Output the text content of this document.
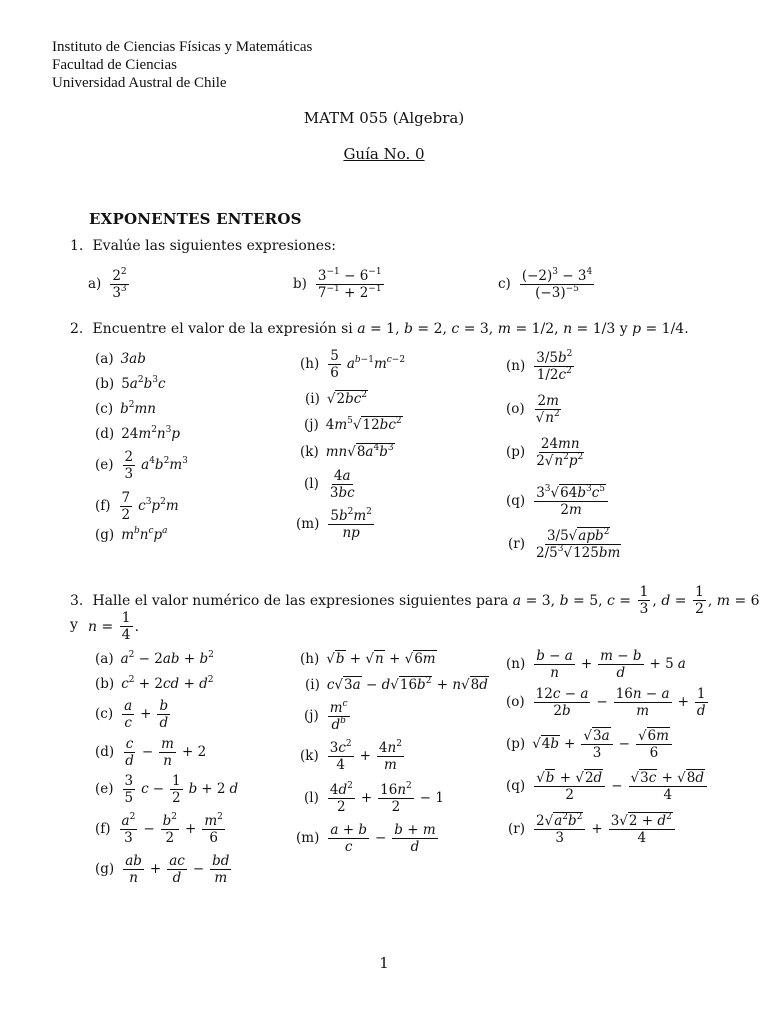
Instituto de Ciencias Físicas y Matemáticas
Facultad de Ciencias
Universidad Austral de Chile
MATM 055 (Algebra)
Guía No. 0
EXPONENTES ENTEROS
1. Evalúe las siguientes expresiones:
$a) \frac{2^2}{3^3}$	$b) \frac{3^{-1} - 6^{-1}}{7^{-1} + 2^{-1}}$	$c) \frac{(-2)^3 - 3^4}{(-3)^{-5}}$
2. Encuentre el valor de la expresión si a = 1, b = 2, c = 3, m = 1/2, n = 1/3 y p = 1/4.
(a) 3ab
(b) $5a^2b^3c$
(c) $b^2mn$
(d) $24m^2n^3p$
$(e) \frac{2}{3} a^4b^2m^3$
$(f) \frac{7}{2} c^3p^2m$
(g) $m^bn^cp^a$
$(h) \frac{5}{6} a^{b-1}m^{c-2}$
(i) $√2bc^2$
(j) $4m^5√12bc^2$
(k) $mn√8a^4b^3$
$(l) \frac{4a}{3bc}$
$(m) \frac{5b^2m^2}{np}$
$(n) \frac{3/5b^2}{1/2c^2}$
$(o) \frac{2m}{√n^2}$
$(p) \frac{24mn}{2√n^2p^2}$
$(q) \frac{3^3√64b^3c^5}{2m}$
$(r) \frac{3/5√apb^2}{2/5^3√125bm}$
3. Halle el valor numérico de las expresiones siguientes para a = 3, b = 5, $c = \frac{1}{3}$ , $d = \frac{1}{2}$ , m = 6 y $n = \frac{1}{4}$ .
(a) $a^2 - 2ab + b^2$
(b) $c^2 + 2cd + d^2$
$(c) \frac{a}{c} + \frac{b}{d}$
$(d) \frac{c}{d} - \frac{m}{n} + 2$
$(e) \frac{3}{5}$ $c - \frac{1}{2}$ b + 2 d
$(f) \frac{a^2}{3} - \frac{b^2}{2} + \frac{m^2}{6}$
$(g) \frac{ab}{n} + \frac{ac}{d} - \frac{bd}{m}$
(h) √b + √n + √6m
(i) $c√3a - d√16b^2 + n√8d$
$(j) \frac{m^c}{d^b}$
$(k) \frac{3c^2}{4} + \frac{4n^2}{m}$
$(l) \frac{4d^2}{2} + \frac{16n^2}{2} - 1$
$(m) \frac{a + b}{c} - \frac{b + m}{d}$
$(n) \frac{b - a}{n} + \frac{m - b}{d} + 5$ a
$(o) \frac{12c - a}{2b} - \frac{16n - a}{m} + \frac{1}{d}$
(p) $√4b + \frac{√3a}{3} - \frac{√6m}{6}$
$(q) \frac{√b + √2d}{2} - \frac{√3c + √8d}{4}$
$(r) \frac{2√a^2b^2}{3} + \frac{3√2 + d^2}{4}$
1
